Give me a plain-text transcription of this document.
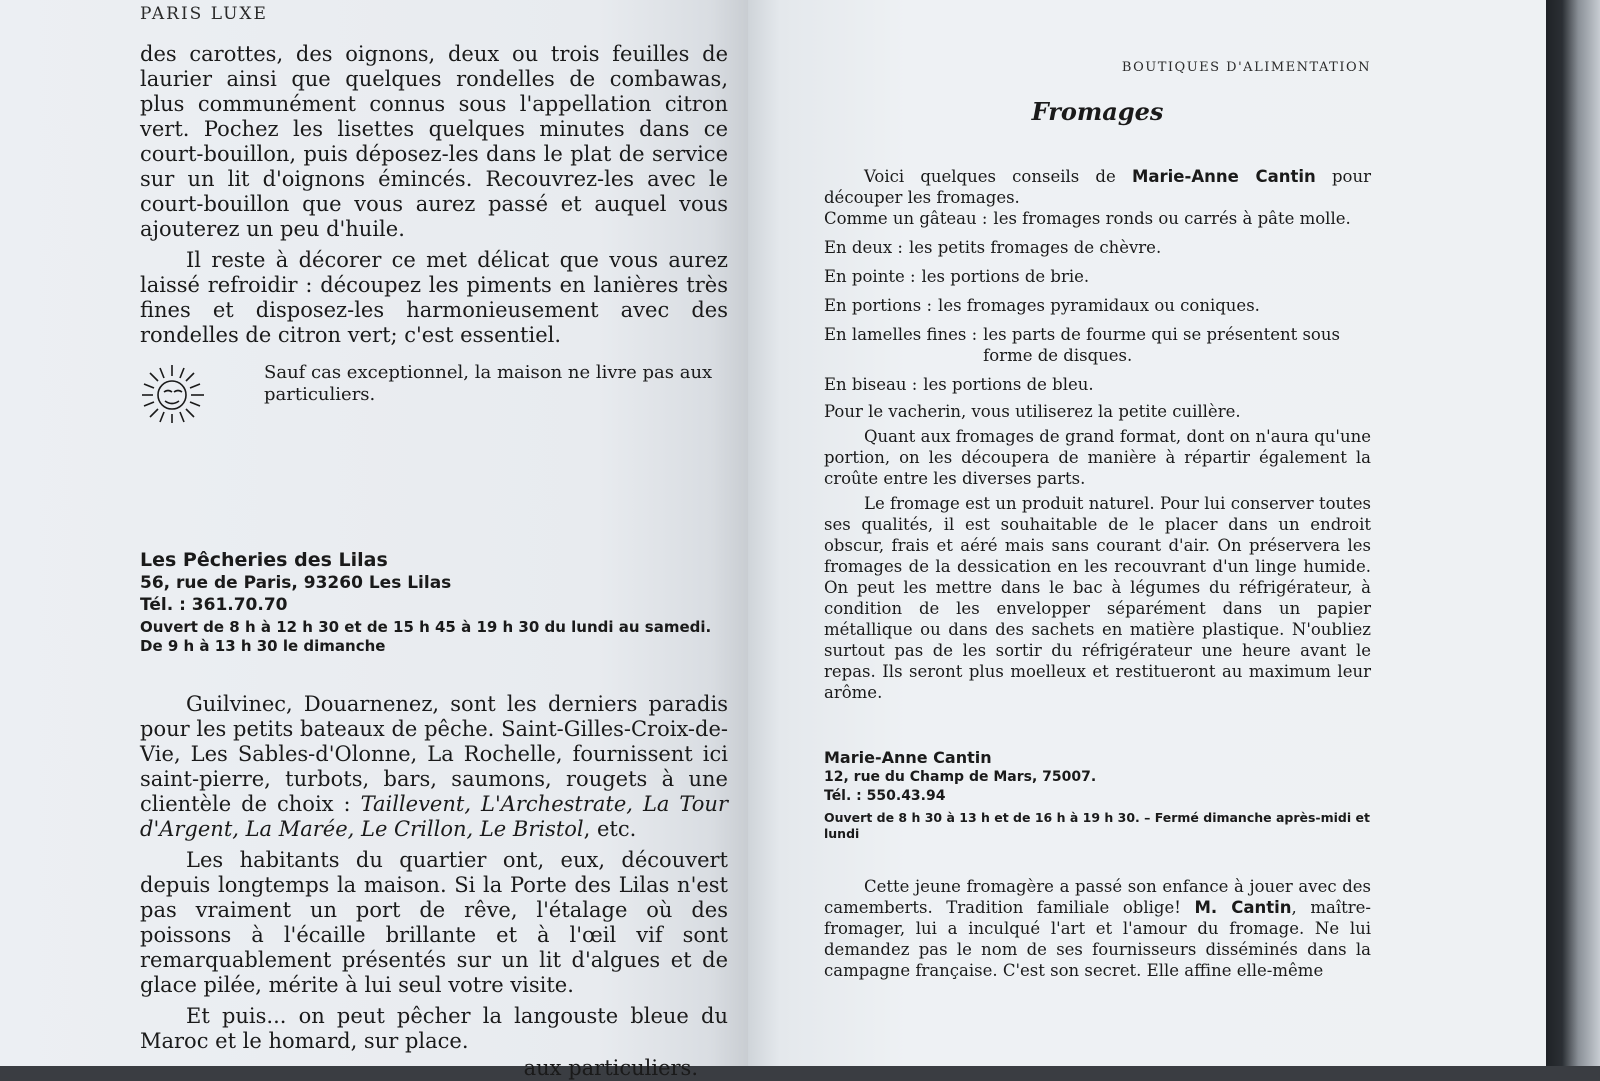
PARIS LUXE

des carottes, des oignons, deux ou trois feuilles de laurier ainsi que quelques rondelles de combawas, plus communément connus sous l'appellation citron vert. Pochez les lisettes quelques minutes dans ce court-bouillon, puis déposez-les dans le plat de service sur un lit d'oignons émincés. Recouvrez-les avec le court-bouillon que vous aurez passé et auquel vous ajouterez un peu d'huile.

Il reste à décorer ce met délicat que vous aurez laissé refroidir : découpez les piments en lanières très fines et disposez-les harmonieusement avec des rondelles de citron vert; c'est essentiel.

Sauf cas exceptionnel, la maison ne livre pas aux particuliers.

Les Pêcheries des Lilas
56, rue de Paris, 93260 Les Lilas
Tél. : 361.70.70
Ouvert de 8 h à 12 h 30 et de 15 h 45 à 19 h 30 du lundi au samedi. De 9 h à 13 h 30 le dimanche

Guilvinec, Douarnenez, sont les derniers paradis pour les petits bateaux de pêche. Saint-Gilles-Croix-de-Vie, Les Sables-d'Olonne, La Rochelle, fournissent ici saint-pierre, turbots, bars, saumons, rougets à une clientèle de choix : Taillevent, L'Archestrate, La Tour d'Argent, La Marée, Le Crillon, Le Bristol, etc.

Les habitants du quartier ont, eux, découvert depuis longtemps la maison. Si la Porte des Lilas n'est pas vraiment un port de rêve, l'étalage où des poissons à l'écaille brillante et à l'œil vif sont remarquablement présentés sur un lit d'algues et de glace pilée, mérite à lui seul votre visite.

Et puis... on peut pêcher la langouste bleue du Maroc et le homard, sur place.

aux particuliers.

BOUTIQUES D'ALIMENTATION
Fromages

Voici quelques conseils de Marie-Anne Cantin pour découper les fromages.

Comme un gâteau : les fromages ronds ou carrés à pâte molle.
En deux : les petits fromages de chèvre.
En pointe : les portions de brie.
En portions : les fromages pyramidaux ou coniques.
En lamelles fines : les parts de fourme qui se présentent sous forme de disques.
En biseau : les portions de bleu.

Pour le vacherin, vous utiliserez la petite cuillère.

Quant aux fromages de grand format, dont on n'aura qu'une portion, on les découpera de manière à répartir également la croûte entre les diverses parts.

Le fromage est un produit naturel. Pour lui conserver toutes ses qualités, il est souhaitable de le placer dans un endroit obscur, frais et aéré mais sans courant d'air. On préservera les fromages de la dessication en les recouvrant d'un linge humide. On peut les mettre dans le bac à légumes du réfrigérateur, à condition de les envelopper séparément dans un papier métallique ou dans des sachets en matière plastique. N'oubliez surtout pas de les sortir du réfrigérateur une heure avant le repas. Ils seront plus moelleux et restitueront au maximum leur arôme.

Marie-Anne Cantin
12, rue du Champ de Mars, 75007.
Tél. : 550.43.94
Ouvert de 8 h 30 à 13 h et de 16 h à 19 h 30. – Fermé dimanche après-midi et lundi

Cette jeune fromagère a passé son enfance à jouer avec des camemberts. Tradition familiale oblige! M. Cantin, maître-fromager, lui a inculqué l'art et l'amour du fromage. Ne lui demandez pas le nom de ses fournisseurs disséminés dans la campagne française. C'est son secret. Elle affine elle-même
